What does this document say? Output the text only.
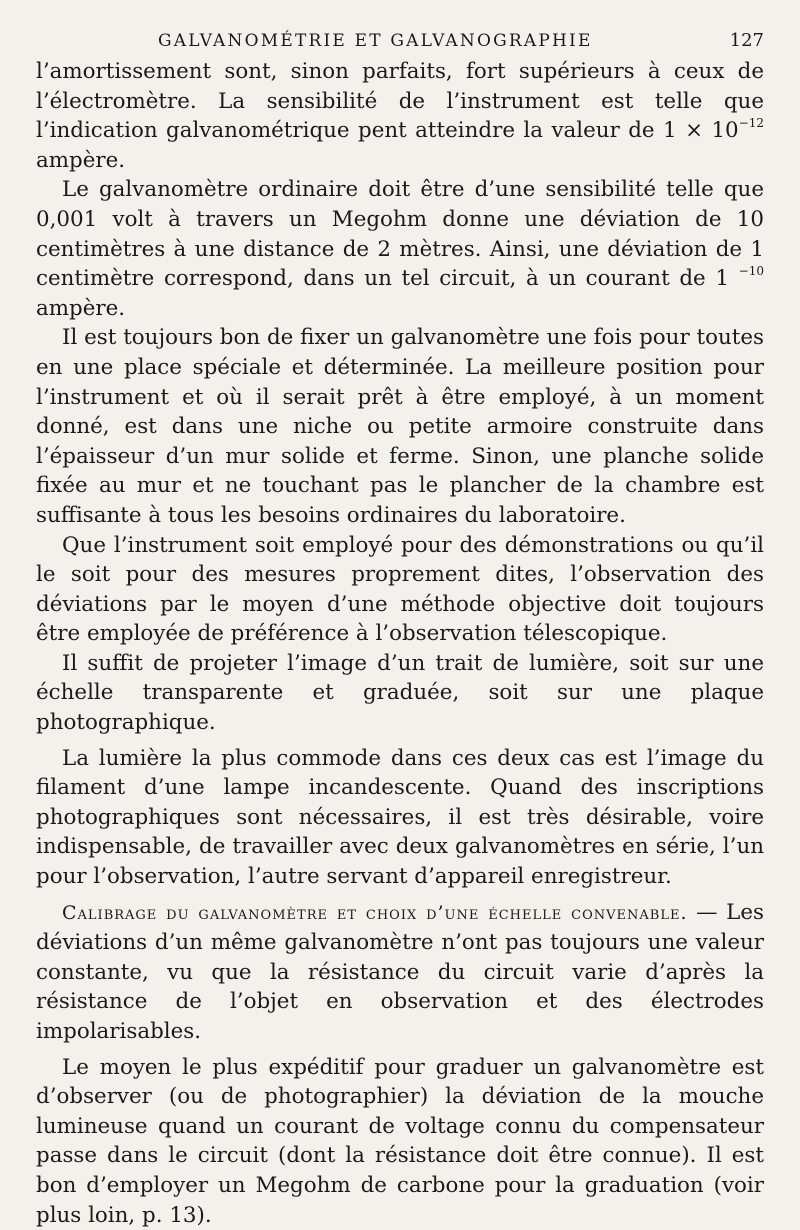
GALVANOMÉTRIE ET GALVANOGRAPHIE	127

l’amortissement sont, sinon parfaits, fort supérieurs à ceux de l’électromètre. La sensibilité de l’instrument est telle que l’indication galvanométrique pent atteindre la valeur de $1 \times 10^{-12}$ ampère.

Le galvanomètre ordinaire doit être d’une sensibilité telle que 0,001 volt à travers un Megohm donne une déviation de 10 centimètres à une distance de 2 mètres. Ainsi, une déviation de 1 centimètre correspond, dans un tel circuit, à un courant de 1 $^{-10}$ ampère.

Il est toujours bon de fixer un galvanomètre une fois pour toutes en une place spéciale et déterminée. La meilleure position pour l’instrument et où il serait prêt à être employé, à un moment donné, est dans une niche ou petite armoire construite dans l’épaisseur d’un mur solide et ferme. Sinon, une planche solide fixée au mur et ne touchant pas le plancher de la chambre est suffisante à tous les besoins ordinaires du laboratoire.

Que l’instrument soit employé pour des démonstrations ou qu’il le soit pour des mesures proprement dites, l’observation des déviations par le moyen d’une méthode objective doit toujours être employée de préférence à l’observation télescopique.

Il suffit de projeter l’image d’un trait de lumière, soit sur une échelle transparente et graduée, soit sur une plaque photographique.

La lumière la plus commode dans ces deux cas est l’image du filament d’une lampe incandescente. Quand des inscriptions photographiques sont nécessaires, il est très désirable, voire indispensable, de travailler avec deux galvanomètres en série, l’un pour l’observation, l’autre servant d’appareil enregistreur.

Calibrage du galvanomètre et choix d’une échelle convenable. — Les déviations d’un même galvanomètre n’ont pas toujours une valeur constante, vu que la résistance du circuit varie d’après la résistance de l’objet en observation et des électrodes impolarisables.

Le moyen le plus expéditif pour graduer un galvanomètre est d’observer (ou de photographier) la déviation de la mouche lumineuse quand un courant de voltage connu du compensateur passe dans le circuit (dont la résistance doit être connue). Il est bon d’employer un Megohm de carbone pour la graduation (voir plus loin, p. 13).
